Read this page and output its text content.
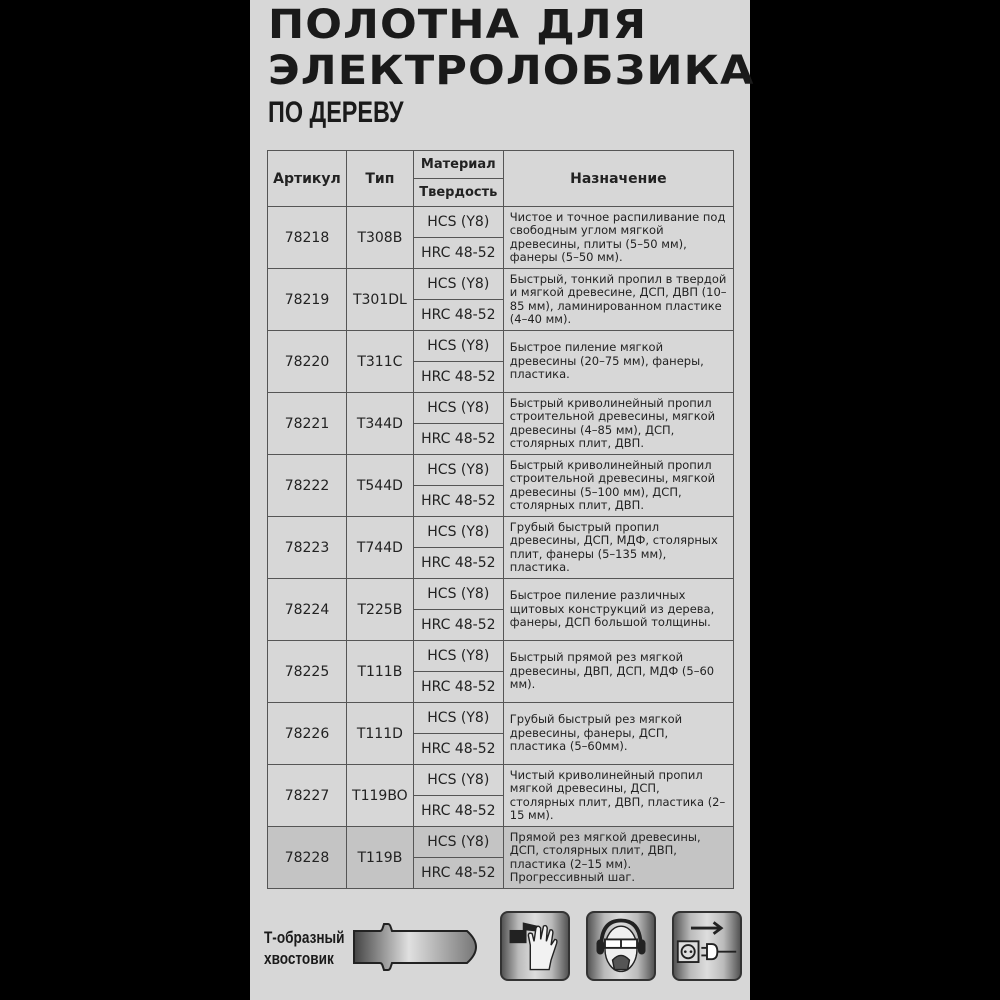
ПОЛОТНА ДЛЯ
ЭЛЕКТРОЛОБЗИКА
ПО ДЕРЕВУ
Артикул	Тип	Материал	Назначение
		Твердость	
78218	T308B	HCS (Y8)	Чистое и точное распиливание под свободным углом мягкой древесины, плиты (5–50 мм), фанеры (5–50 мм).
		HRC 48-52	
78219	T301DL	HCS (Y8)	Быстрый, тонкий пропил в твердой и мягкой древесине, ДСП, ДВП (10–85 мм), ламинированном пластике (4–40 мм).
		HRC 48-52	
78220	T311C	HCS (Y8)	Быстрое пиление мягкой древесины (20–75 мм), фанеры, пластика.
		HRC 48-52	
78221	T344D	HCS (Y8)	Быстрый криволинейный пропил строительной древесины, мягкой древесины (4–85 мм), ДСП, столярных плит, ДВП.
		HRC 48-52	
78222	T544D	HCS (Y8)	Быстрый криволинейный пропил строительной древесины, мягкой древесины (5–100 мм), ДСП, столярных плит, ДВП.
		HRC 48-52	
78223	T744D	HCS (Y8)	Грубый быстрый пропил древесины, ДСП, МДФ, столярных плит, фанеры (5–135 мм), пластика.
		HRC 48-52	
78224	T225B	HCS (Y8)	Быстрое пиление различных щитовых конструкций из дерева, фанеры, ДСП большой толщины.
		HRC 48-52	
78225	T111B	HCS (Y8)	Быстрый прямой рез мягкой древесины, ДВП, ДСП, МДФ (5–60 мм).
		HRC 48-52	
78226	T111D	HCS (Y8)	Грубый быстрый рез мягкой древесины, фанеры, ДСП, пластика (5–60мм).
		HRC 48-52	
78227	T119BO	HCS (Y8)	Чистый криволинейный пропил мягкой древесины, ДСП, столярных плит, ДВП, пластика (2–15 мм).
		HRC 48-52	
78228	T119B	HCS (Y8)	Прямой рез мягкой древесины, ДСП, столярных плит, ДВП, пластика (2–15 мм). Прогрессивный шаг.
		HRC 48-52	
Т-образный
хвостовик
